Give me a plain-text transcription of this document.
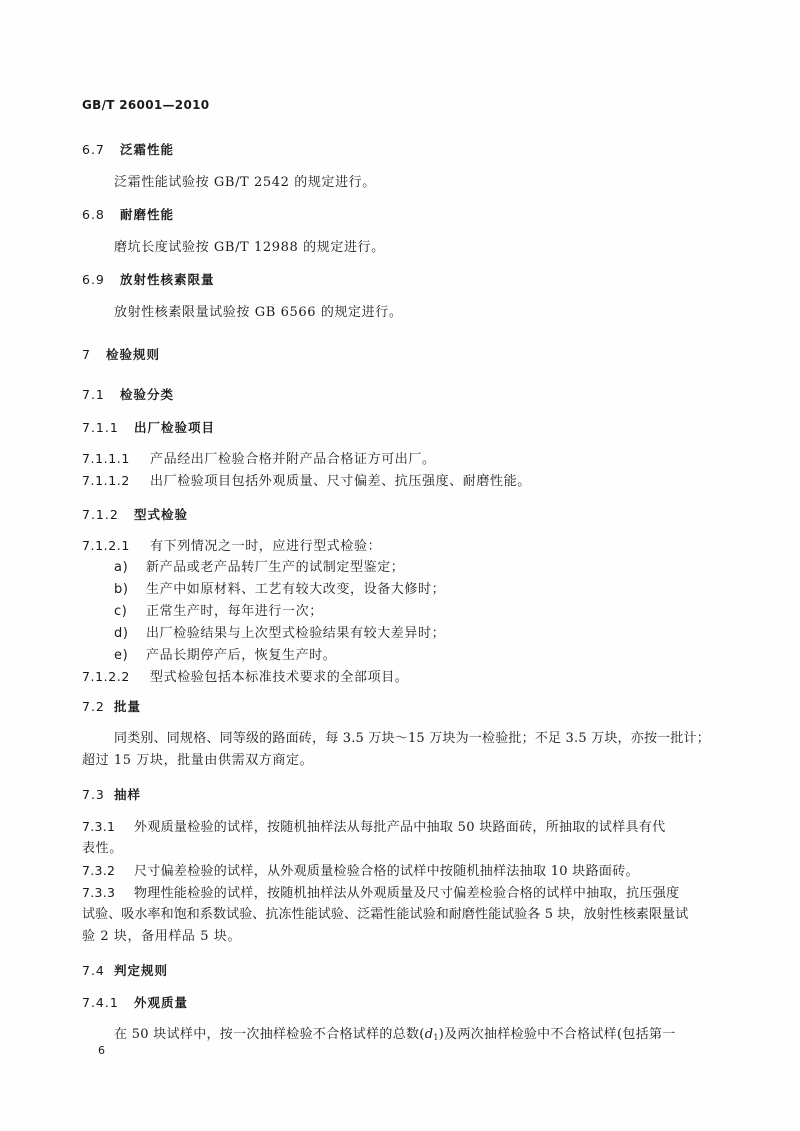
GB/T 26001—2010
6.7 泛霜性能
泛霜性能试验按 GB/T 2542 的规定进行。
6.8 耐磨性能
磨坑长度试验按 GB/T 12988 的规定进行。
6.9 放射性核素限量
放射性核素限量试验按 GB 6566 的规定进行。
7 检验规则
7.1 检验分类
7.1.1 出厂检验项目
7.1.1.1 产品经出厂检验合格并附产品合格证方可出厂。
7.1.1.2 出厂检验项目包括外观质量、尺寸偏差、抗压强度、耐磨性能。
7.1.2 型式检验
7.1.2.1 有下列情况之一时，应进行型式检验：
a) 新产品或老产品转厂生产的试制定型鉴定；
b) 生产中如原材料、工艺有较大改变，设备大修时；
c) 正常生产时，每年进行一次；
d) 出厂检验结果与上次型式检验结果有较大差异时；
e) 产品长期停产后，恢复生产时。
7.1.2.2 型式检验包括本标准技术要求的全部项目。
7.2 批量
同类别、同规格、同等级的路面砖，每 3.5 万块～15 万块为一检验批；不足 3.5 万块，亦按一批计；
超过 15 万块，批量由供需双方商定。
7.3 抽样
7.3.1 外观质量检验的试样，按随机抽样法从每批产品中抽取 50 块路面砖，所抽取的试样具有代
表性。
7.3.2 尺寸偏差检验的试样，从外观质量检验合格的试样中按随机抽样法抽取 10 块路面砖。
7.3.3 物理性能检验的试样，按随机抽样法从外观质量及尺寸偏差检验合格的试样中抽取，抗压强度
试验、吸水率和饱和系数试验、抗冻性能试验、泛霜性能试验和耐磨性能试验各 5 块，放射性核素限量试
验 2 块，备用样品 5 块。
7.4 判定规则
7.4.1 外观质量
在 50 块试样中，按一次抽样检验不合格试样的总数$(d_1)$及两次抽样检验中不合格试样(包括第一
6
